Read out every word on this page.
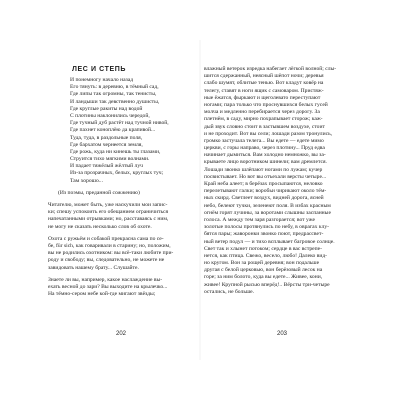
ЛЕС И СТЕПЬ
И понемногу начало назад
Его тянуть: в деревню, в тёмный сад,
Где липы так огромны, так тенисты,
И ландыши так девственно душисты,
Где круглые ракиты над водой
С плотины наклонились чередой,
Где тучный дуб растёт над тучной нивой,
Где пахнет коноплёю да крапивой...
Туда, туда, в раздольные поля,
Где бархатом чернеется земля,
Где рожь, куда ни кинешь ты глазами,
Струится тихо мягкими волнами.
И падает тяжёлый жёлтый луч
Из-за прозрачных, белых, круглых туч;
Там хорошо...
(Из поэмы, преданной сожжению)
Читателю, может быть, уже наскучили мои запис-
ки; спешу успокоить его обещанием ограничиться
напечатанными отрывками; но, расставаясь с ним,
не могу не сказать несколько слов об охоте.
Охота с ружьём и собакой прекрасна сама по се-
бе, für sich, как говаривали в старину; но, положим,
вы не родились охотником: вы всё-таки любите при-
роду и свободу; вы, следовательно, не можете не
завидовать нашему брату... Слушайте.
Знаете ли вы, например, какое наслаждение вы-
ехать весной до зари? Вы выходите на крылечко...
На тёмно-сером небе кой-где мигают звёзды;
влажный ветерок изредка набегает лёгкой волной; слы-
шится сдержанный, неясный шёпот ночи; деревья
слабо шумят, облитые тенью. Вот кладут ковёр на
телегу, ставят в ноги ящик с самоваром. Пристяж-
ные ёжатся, фыркают и щеголевато переступают
ногами; пара только что проснувшихся белых гусей
молча и медленно перебирается через дорогу. За
плетнём, в саду, мирно похрапывает сторож; каж-
дый звук словно стоит в застывшем воздухе, стоит
и не проходит. Вот вы сели; лошади разом тронулись,
громко застучала телега... Вы едете — едете мимо
церкви, с горы направо, через плотину... Пруд едва
начинает дымиться. Вам холодно немножко, вы за-
крываете лицо воротником шинели; вам дремлется.
Лошади звонко шлёпают ногами по лужам; кучер
посвистывает. Но вот вы отъехали версты четыре...
Край неба алеет; в берёзах просыпаются, неловко
перелетывают галки; воробьи чирикают около тём-
ных скирд. Светлеет воздух, видней дорога, ясней
небо, белеют тучки, зеленеют поля. В избах красным
огнём горят лучины, за воротами слышны заспанные
голоса. А между тем заря разгорается; вот уже
золотые полосы протянулись по небу, в оврагах клу-
бятся пары; жаворонки звонко поют, предрассвет-
ный ветер подул — и тихо всплывает багровое солнце.
Свет так и хлынет потоком; сердце в вас встрепе-
нется, как птица. Свежо, весело, любо! Далеко вид-
но кругом. Вон за рощей деревня; вон подальше
другая с белой церковью, вон берёзовый лесок на
горе; за ним болото, куда вы едете... Живее, кони,
живее! Крупной рысью вперёд!.. Вёрсты три-четыре
остались, не больше.
202	203
